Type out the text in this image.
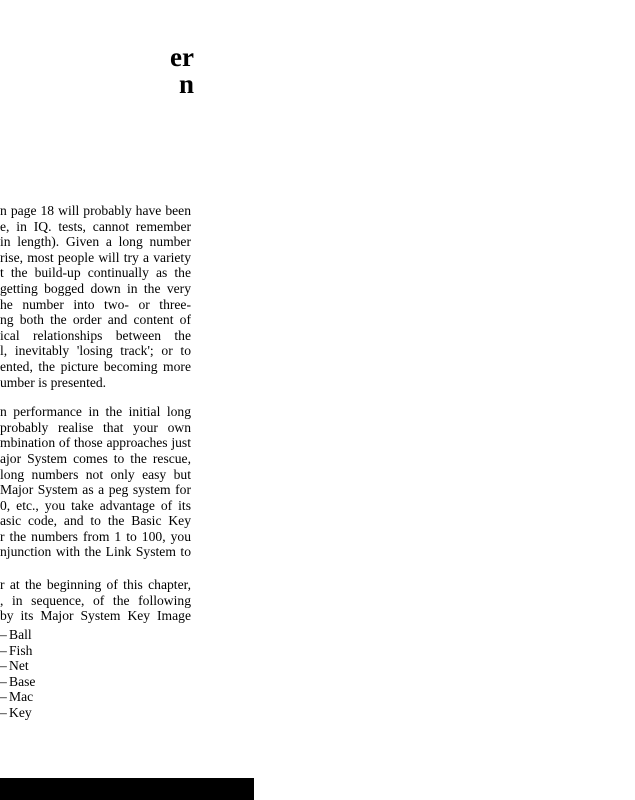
er
n
n page 18 will probably have been
e, in IQ. tests, cannot remember
in length). Given a long number
rise, most people will try a variety
t the build-up continually as the
getting bogged down in the very
he number into two- or three-
ng both the order and content of
ical relationships between the
l, inevitably 'losing track'; or to
ented, the picture becoming more
umber is presented.
n performance in the initial long
probably realise that your own
mbination of those approaches just
ajor System comes to the rescue,
long numbers not only easy but
Major System as a peg system for
0, etc., you take advantage of its
asic code, and to the Basic Key
r the numbers from 1 to 100, you
njunction with the Link System to
r at the beginning of this chapter,
, in sequence, of the following
by its Major System Key Image
– Ball
– Fish
– Net
– Base
– Mac
– Key
